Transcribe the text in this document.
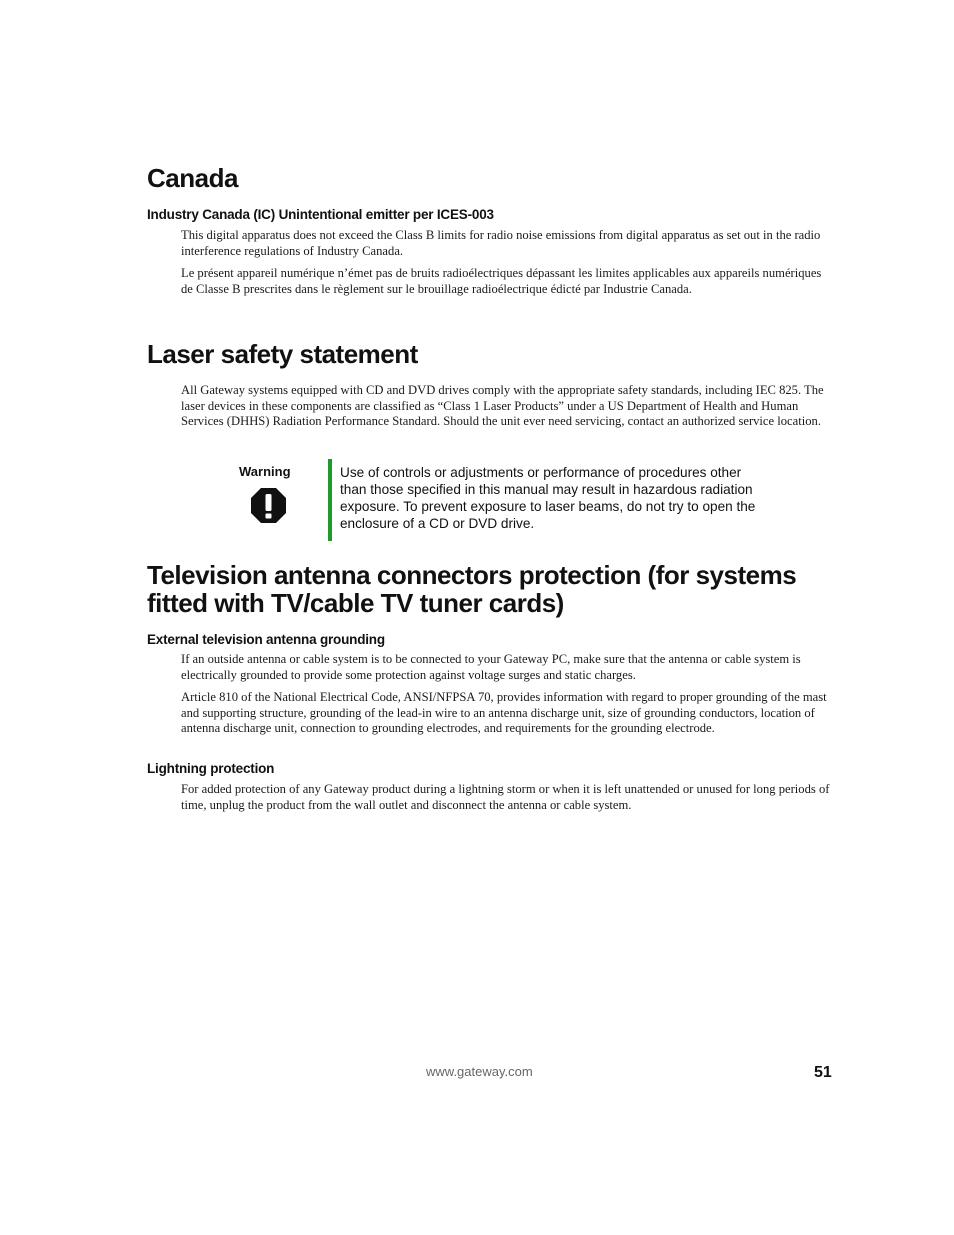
Canada
Industry Canada (IC) Unintentional emitter per ICES-003

This digital apparatus does not exceed the Class B limits for radio noise emissions from digital apparatus as set out in the radio interference regulations of Industry Canada.

Le présent appareil numérique n’émet pas de bruits radioélectriques dépassant les limites applicables aux appareils numériques de Classe B prescrites dans le règlement sur le brouillage radioélectrique édicté par Industrie Canada.

Laser safety statement

All Gateway systems equipped with CD and DVD drives comply with the appropriate safety standards, including IEC 825. The laser devices in these components are classified as “Class 1 Laser Products” under a US Department of Health and Human Services (DHHS) Radiation Performance Standard. Should the unit ever need servicing, contact an authorized service location.

Warning	Use of controls or adjustments or performance of procedures other than those specified in this manual may result in hazardous radiation exposure. To prevent exposure to laser beams, do not try to open the enclosure of a CD or DVD drive.

Television antenna connectors protection (for systems
fitted with TV/cable TV tuner cards)
External television antenna grounding

If an outside antenna or cable system is to be connected to your Gateway PC, make sure that the antenna or cable system is electrically grounded to provide some protection against voltage surges and static charges.

Article 810 of the National Electrical Code, ANSI/NFPSA 70, provides information with regard to proper grounding of the mast and supporting structure, grounding of the lead-in wire to an antenna discharge unit, size of grounding conductors, location of antenna discharge unit, connection to grounding electrodes, and requirements for the grounding electrode.

Lightning protection

For added protection of any Gateway product during a lightning storm or when it is left unattended or unused for long periods of time, unplug the product from the wall outlet and disconnect the antenna or cable system.

www.gateway.com	51
